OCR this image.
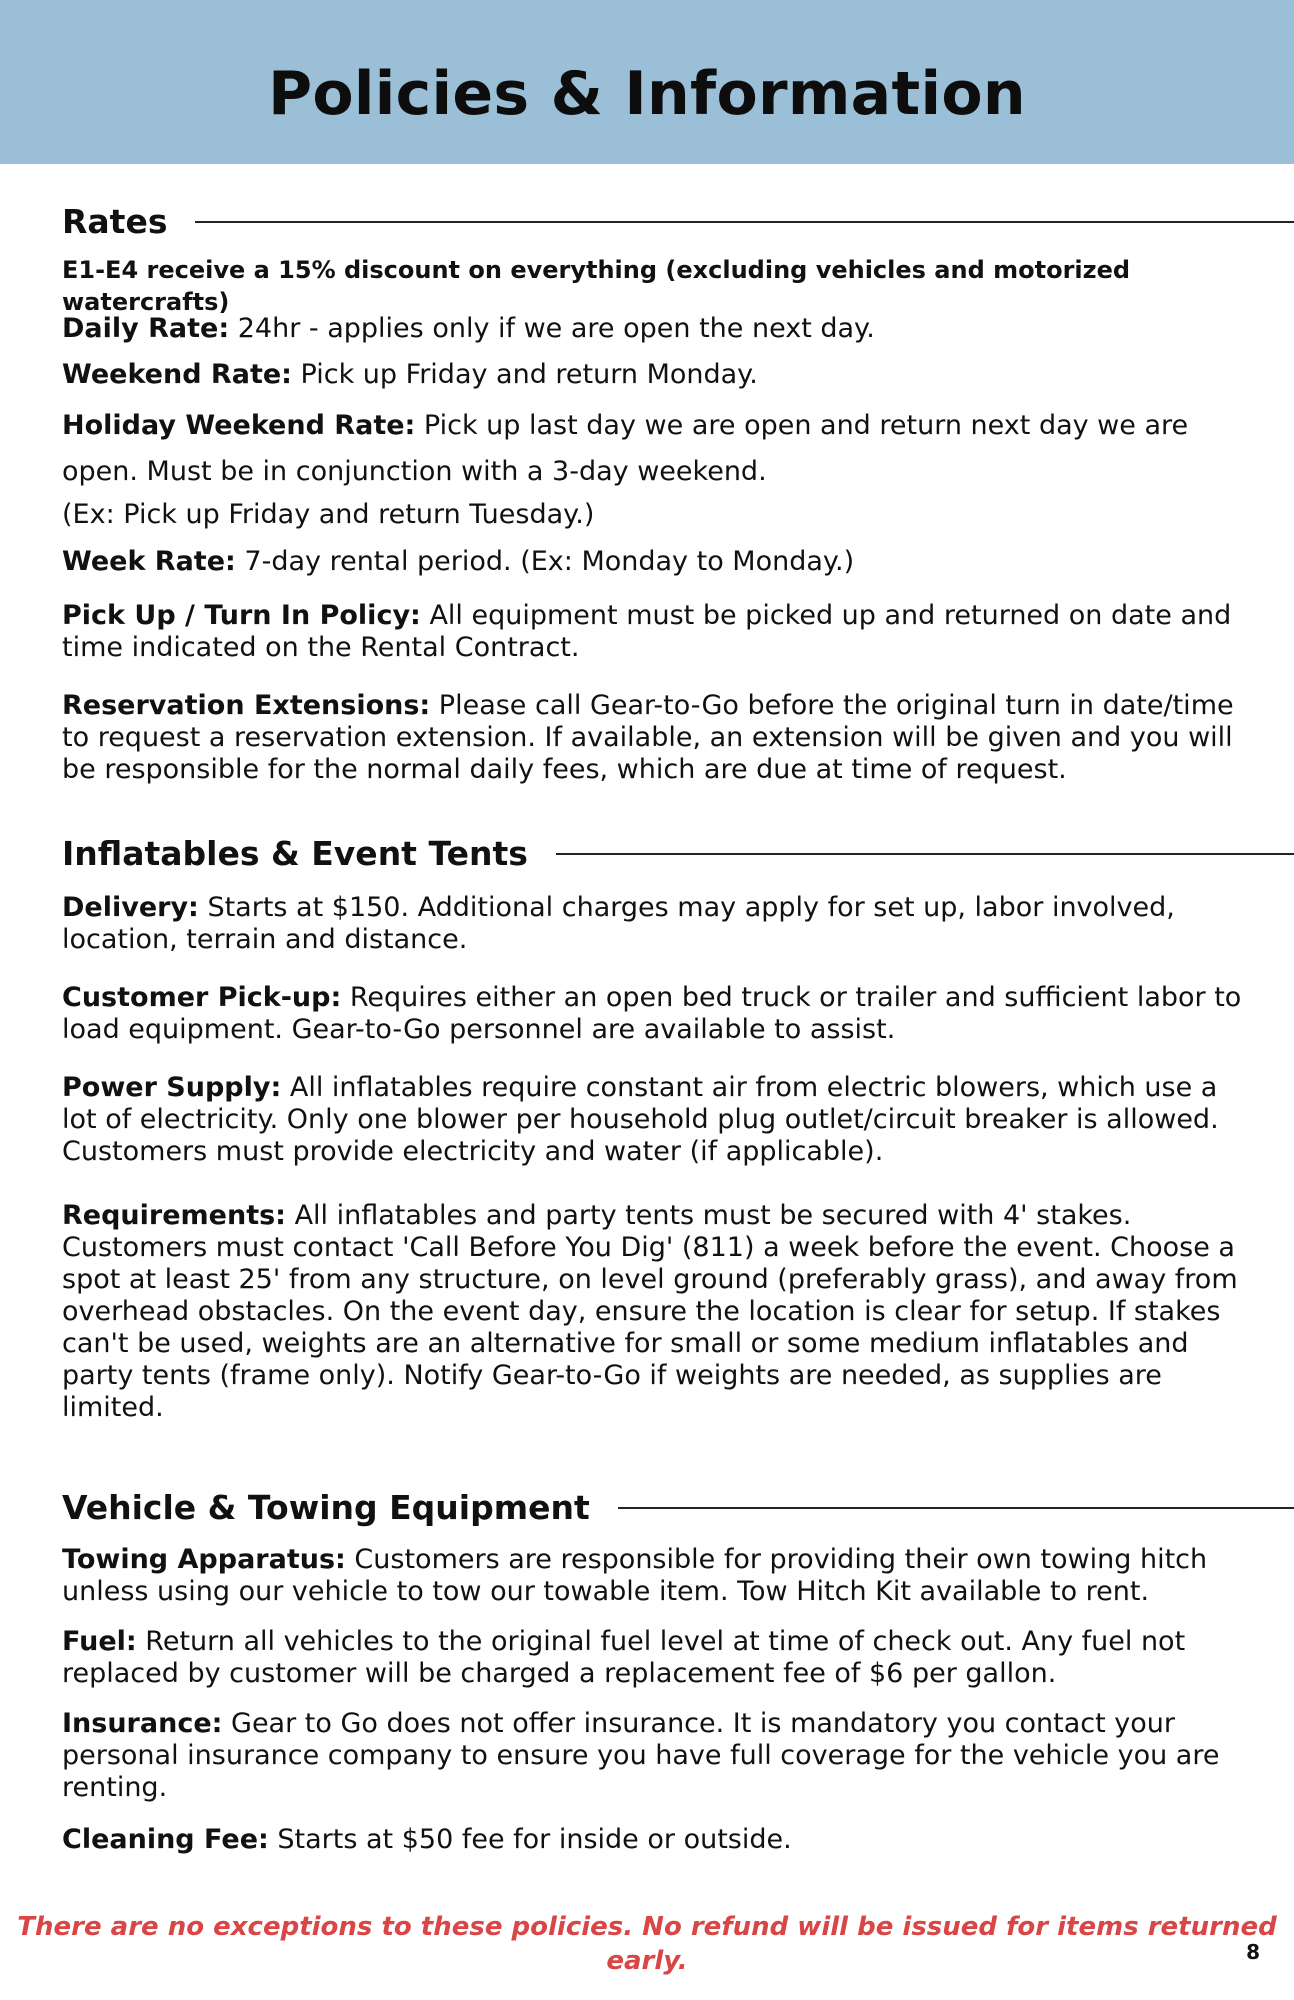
Policies & Information
Rates

E1-E4 receive a 15% discount on everything (excluding vehicles and motorized watercrafts)

Daily Rate: 24hr - applies only if we are open the next day.

Weekend Rate: Pick up Friday and return Monday.

Holiday Weekend Rate: Pick up last day we are open and return next day we are open. Must be in conjunction with a 3-day weekend.

(Ex: Pick up Friday and return Tuesday.)

Week Rate: 7-day rental period. (Ex: Monday to Monday.)

Pick Up / Turn In Policy: All equipment must be picked up and returned on date and time indicated on the Rental Contract.

Reservation Extensions: Please call Gear-to-Go before the original turn in date/time to request a reservation extension. If available, an extension will be given and you will be responsible for the normal daily fees, which are due at time of request.

Inflatables & Event Tents

Delivery: Starts at $150. Additional charges may apply for set up, labor involved, location, terrain and distance.

Customer Pick-up: Requires either an open bed truck or trailer and sufficient labor to load equipment. Gear-to-Go personnel are available to assist.

Power Supply: All inflatables require constant air from electric blowers, which use a lot of electricity. Only one blower per household plug outlet/circuit breaker is allowed. Customers must provide electricity and water (if applicable).

Requirements: All inflatables and party tents must be secured with 4' stakes. Customers must contact 'Call Before You Dig' (811) a week before the event. Choose a spot at least 25' from any structure, on level ground (preferably grass), and away from overhead obstacles. On the event day, ensure the location is clear for setup. If stakes can't be used, weights are an alternative for small or some medium inflatables and party tents (frame only). Notify Gear-to-Go if weights are needed, as supplies are limited.

Vehicle & Towing Equipment

Towing Apparatus: Customers are responsible for providing their own towing hitch unless using our vehicle to tow our towable item. Tow Hitch Kit available to rent.

Fuel: Return all vehicles to the original fuel level at time of check out. Any fuel not replaced by customer will be charged a replacement fee of $6 per gallon.

Insurance: Gear to Go does not offer insurance. It is mandatory you contact your personal insurance company to ensure you have full coverage for the vehicle you are renting.

Cleaning Fee: Starts at $50 fee for inside or outside.

There are no exceptions to these policies. No refund will be issued for items returned early.	8
